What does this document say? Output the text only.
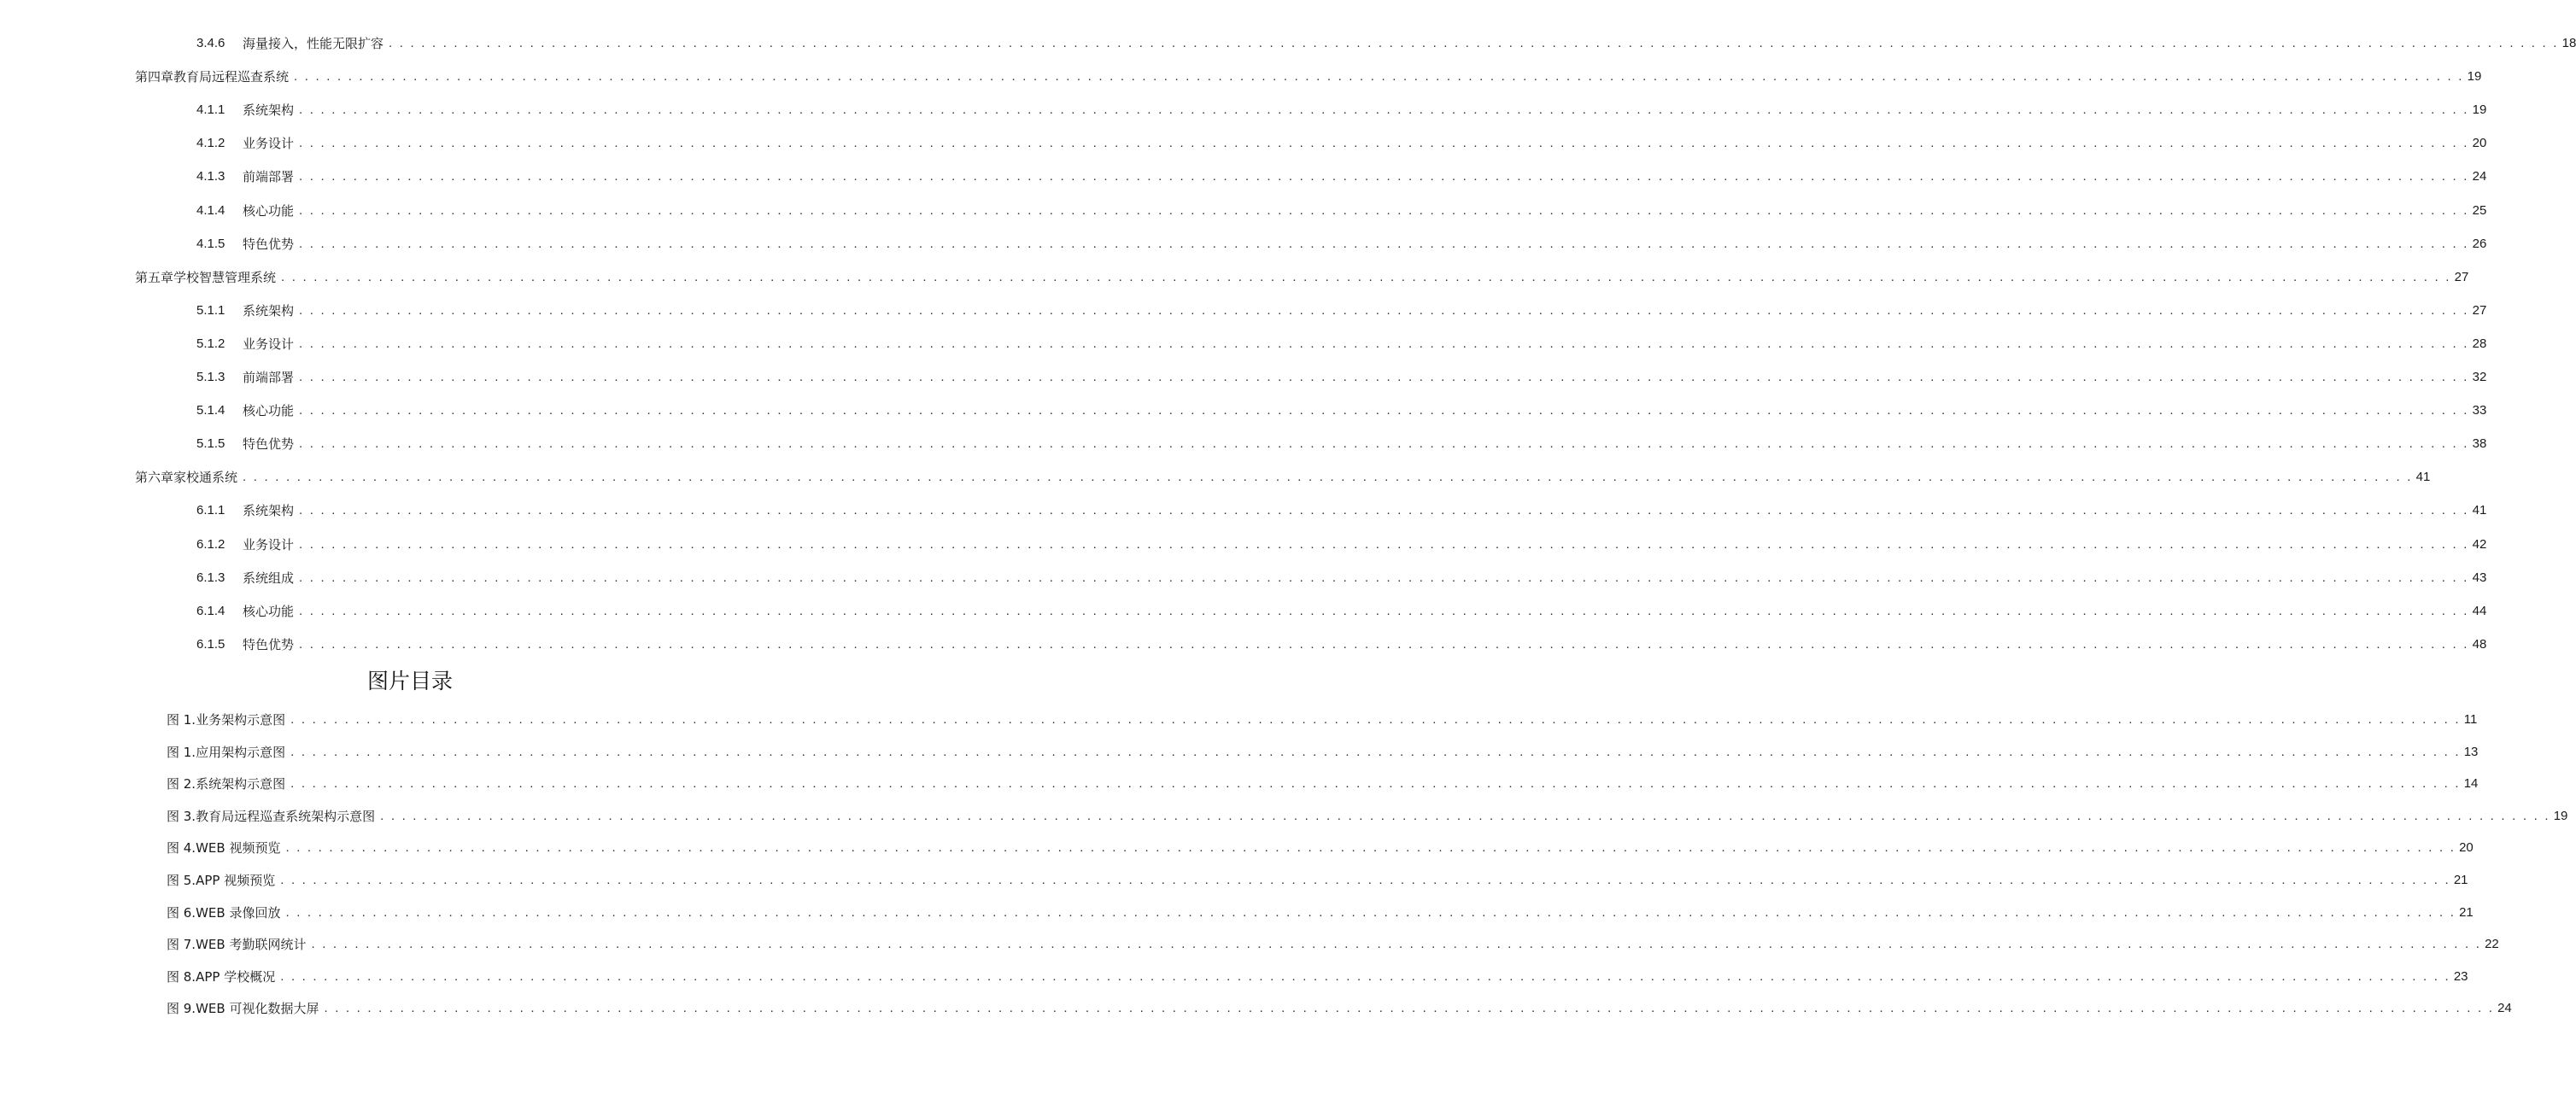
3.4.6	海量接入，性能无限扩容 . . . . . . . . . . . . . . . . . . . . . . . . . . . . . . . . . . . . . . . . . . . . . . . . . . . . . . . . . . . . . . . . . . . . . . . . . . . . . . . . . . . . . . . . . . . . . . . . . . . . . . . . . . . . . . . . . . . . . . . . . . . . . . . . . . . . . . . . . . . . . . . . . . . . . . . . . . . . . . . . . . . . . . . . . . . . . . . . . . . . . . . . . . . . . . . . . . . . . . . . 18
第四章教育局远程巡查系统 . . . . . . . . . . . . . . . . . . . . . . . . . . . . . . . . . . . . . . . . . . . . . . . . . . . . . . . . . . . . . . . . . . . . . . . . . . . . . . . . . . . . . . . . . . . . . . . . . . . . . . . . . . . . . . . . . . . . . . . . . . . . . . . . . . . . . . . . . . . . . . . . . . . . . . . . . . . . . . . . . . . . . . . . . . . . . . . . . . . . . . . . . . . . . . . . . . . . . . . . 19
4.1.1	系统架构 . . . . . . . . . . . . . . . . . . . . . . . . . . . . . . . . . . . . . . . . . . . . . . . . . . . . . . . . . . . . . . . . . . . . . . . . . . . . . . . . . . . . . . . . . . . . . . . . . . . . . . . . . . . . . . . . . . . . . . . . . . . . . . . . . . . . . . . . . . . . . . . . . . . . . . . . . . . . . . . . . . . . . . . . . . . . . . . . . . . . . . . . . . . . . . . . . . . . . . . . 19
4.1.2	业务设计 . . . . . . . . . . . . . . . . . . . . . . . . . . . . . . . . . . . . . . . . . . . . . . . . . . . . . . . . . . . . . . . . . . . . . . . . . . . . . . . . . . . . . . . . . . . . . . . . . . . . . . . . . . . . . . . . . . . . . . . . . . . . . . . . . . . . . . . . . . . . . . . . . . . . . . . . . . . . . . . . . . . . . . . . . . . . . . . . . . . . . . . . . . . . . . . . . . . . . . . . 20
4.1.3	前端部署 . . . . . . . . . . . . . . . . . . . . . . . . . . . . . . . . . . . . . . . . . . . . . . . . . . . . . . . . . . . . . . . . . . . . . . . . . . . . . . . . . . . . . . . . . . . . . . . . . . . . . . . . . . . . . . . . . . . . . . . . . . . . . . . . . . . . . . . . . . . . . . . . . . . . . . . . . . . . . . . . . . . . . . . . . . . . . . . . . . . . . . . . . . . . . . . . . . . . . . . . 24
4.1.4	核心功能 . . . . . . . . . . . . . . . . . . . . . . . . . . . . . . . . . . . . . . . . . . . . . . . . . . . . . . . . . . . . . . . . . . . . . . . . . . . . . . . . . . . . . . . . . . . . . . . . . . . . . . . . . . . . . . . . . . . . . . . . . . . . . . . . . . . . . . . . . . . . . . . . . . . . . . . . . . . . . . . . . . . . . . . . . . . . . . . . . . . . . . . . . . . . . . . . . . . . . . . . 25
4.1.5	特色优势 . . . . . . . . . . . . . . . . . . . . . . . . . . . . . . . . . . . . . . . . . . . . . . . . . . . . . . . . . . . . . . . . . . . . . . . . . . . . . . . . . . . . . . . . . . . . . . . . . . . . . . . . . . . . . . . . . . . . . . . . . . . . . . . . . . . . . . . . . . . . . . . . . . . . . . . . . . . . . . . . . . . . . . . . . . . . . . . . . . . . . . . . . . . . . . . . . . . . . . . . 26
第五章学校智慧管理系统 . . . . . . . . . . . . . . . . . . . . . . . . . . . . . . . . . . . . . . . . . . . . . . . . . . . . . . . . . . . . . . . . . . . . . . . . . . . . . . . . . . . . . . . . . . . . . . . . . . . . . . . . . . . . . . . . . . . . . . . . . . . . . . . . . . . . . . . . . . . . . . . . . . . . . . . . . . . . . . . . . . . . . . . . . . . . . . . . . . . . . . . . . . . . . . . . . . . . . . . . 27
5.1.1	系统架构 . . . . . . . . . . . . . . . . . . . . . . . . . . . . . . . . . . . . . . . . . . . . . . . . . . . . . . . . . . . . . . . . . . . . . . . . . . . . . . . . . . . . . . . . . . . . . . . . . . . . . . . . . . . . . . . . . . . . . . . . . . . . . . . . . . . . . . . . . . . . . . . . . . . . . . . . . . . . . . . . . . . . . . . . . . . . . . . . . . . . . . . . . . . . . . . . . . . . . . . . 27
5.1.2	业务设计 . . . . . . . . . . . . . . . . . . . . . . . . . . . . . . . . . . . . . . . . . . . . . . . . . . . . . . . . . . . . . . . . . . . . . . . . . . . . . . . . . . . . . . . . . . . . . . . . . . . . . . . . . . . . . . . . . . . . . . . . . . . . . . . . . . . . . . . . . . . . . . . . . . . . . . . . . . . . . . . . . . . . . . . . . . . . . . . . . . . . . . . . . . . . . . . . . . . . . . . . 28
5.1.3	前端部署 . . . . . . . . . . . . . . . . . . . . . . . . . . . . . . . . . . . . . . . . . . . . . . . . . . . . . . . . . . . . . . . . . . . . . . . . . . . . . . . . . . . . . . . . . . . . . . . . . . . . . . . . . . . . . . . . . . . . . . . . . . . . . . . . . . . . . . . . . . . . . . . . . . . . . . . . . . . . . . . . . . . . . . . . . . . . . . . . . . . . . . . . . . . . . . . . . . . . . . . . 32
5.1.4	核心功能 . . . . . . . . . . . . . . . . . . . . . . . . . . . . . . . . . . . . . . . . . . . . . . . . . . . . . . . . . . . . . . . . . . . . . . . . . . . . . . . . . . . . . . . . . . . . . . . . . . . . . . . . . . . . . . . . . . . . . . . . . . . . . . . . . . . . . . . . . . . . . . . . . . . . . . . . . . . . . . . . . . . . . . . . . . . . . . . . . . . . . . . . . . . . . . . . . . . . . . . . 33
5.1.5	特色优势 . . . . . . . . . . . . . . . . . . . . . . . . . . . . . . . . . . . . . . . . . . . . . . . . . . . . . . . . . . . . . . . . . . . . . . . . . . . . . . . . . . . . . . . . . . . . . . . . . . . . . . . . . . . . . . . . . . . . . . . . . . . . . . . . . . . . . . . . . . . . . . . . . . . . . . . . . . . . . . . . . . . . . . . . . . . . . . . . . . . . . . . . . . . . . . . . . . . . . . . . 38
第六章家校通系统 . . . . . . . . . . . . . . . . . . . . . . . . . . . . . . . . . . . . . . . . . . . . . . . . . . . . . . . . . . . . . . . . . . . . . . . . . . . . . . . . . . . . . . . . . . . . . . . . . . . . . . . . . . . . . . . . . . . . . . . . . . . . . . . . . . . . . . . . . . . . . . . . . . . . . . . . . . . . . . . . . . . . . . . . . . . . . . . . . . . . . . . . . . . . . . . . . . . . . . . . 41
6.1.1	系统架构 . . . . . . . . . . . . . . . . . . . . . . . . . . . . . . . . . . . . . . . . . . . . . . . . . . . . . . . . . . . . . . . . . . . . . . . . . . . . . . . . . . . . . . . . . . . . . . . . . . . . . . . . . . . . . . . . . . . . . . . . . . . . . . . . . . . . . . . . . . . . . . . . . . . . . . . . . . . . . . . . . . . . . . . . . . . . . . . . . . . . . . . . . . . . . . . . . . . . . . . . 41
6.1.2	业务设计 . . . . . . . . . . . . . . . . . . . . . . . . . . . . . . . . . . . . . . . . . . . . . . . . . . . . . . . . . . . . . . . . . . . . . . . . . . . . . . . . . . . . . . . . . . . . . . . . . . . . . . . . . . . . . . . . . . . . . . . . . . . . . . . . . . . . . . . . . . . . . . . . . . . . . . . . . . . . . . . . . . . . . . . . . . . . . . . . . . . . . . . . . . . . . . . . . . . . . . . . 42
6.1.3	系统组成 . . . . . . . . . . . . . . . . . . . . . . . . . . . . . . . . . . . . . . . . . . . . . . . . . . . . . . . . . . . . . . . . . . . . . . . . . . . . . . . . . . . . . . . . . . . . . . . . . . . . . . . . . . . . . . . . . . . . . . . . . . . . . . . . . . . . . . . . . . . . . . . . . . . . . . . . . . . . . . . . . . . . . . . . . . . . . . . . . . . . . . . . . . . . . . . . . . . . . . . . 43
6.1.4	核心功能 . . . . . . . . . . . . . . . . . . . . . . . . . . . . . . . . . . . . . . . . . . . . . . . . . . . . . . . . . . . . . . . . . . . . . . . . . . . . . . . . . . . . . . . . . . . . . . . . . . . . . . . . . . . . . . . . . . . . . . . . . . . . . . . . . . . . . . . . . . . . . . . . . . . . . . . . . . . . . . . . . . . . . . . . . . . . . . . . . . . . . . . . . . . . . . . . . . . . . . . . 44
6.1.5	特色优势 . . . . . . . . . . . . . . . . . . . . . . . . . . . . . . . . . . . . . . . . . . . . . . . . . . . . . . . . . . . . . . . . . . . . . . . . . . . . . . . . . . . . . . . . . . . . . . . . . . . . . . . . . . . . . . . . . . . . . . . . . . . . . . . . . . . . . . . . . . . . . . . . . . . . . . . . . . . . . . . . . . . . . . . . . . . . . . . . . . . . . . . . . . . . . . . . . . . . . . . . 48
图片目录
图 1.业务架构示意图 . . . . . . . . . . . . . . . . . . . . . . . . . . . . . . . . . . . . . . . . . . . . . . . . . . . . . . . . . . . . . . . . . . . . . . . . . . . . . . . . . . . . . . . . . . . . . . . . . . . . . . . . . . . . . . . . . . . . . . . . . . . . . . . . . . . . . . . . . . . . . . . . . . . . . . . . . . . . . . . . . . . . . . . . . . . . . . . . . . . . . . . . . . . . . . . . . . . . . . . . 11
图 1.应用架构示意图 . . . . . . . . . . . . . . . . . . . . . . . . . . . . . . . . . . . . . . . . . . . . . . . . . . . . . . . . . . . . . . . . . . . . . . . . . . . . . . . . . . . . . . . . . . . . . . . . . . . . . . . . . . . . . . . . . . . . . . . . . . . . . . . . . . . . . . . . . . . . . . . . . . . . . . . . . . . . . . . . . . . . . . . . . . . . . . . . . . . . . . . . . . . . . . . . . . . . . . . . 13
图 2.系统架构示意图 . . . . . . . . . . . . . . . . . . . . . . . . . . . . . . . . . . . . . . . . . . . . . . . . . . . . . . . . . . . . . . . . . . . . . . . . . . . . . . . . . . . . . . . . . . . . . . . . . . . . . . . . . . . . . . . . . . . . . . . . . . . . . . . . . . . . . . . . . . . . . . . . . . . . . . . . . . . . . . . . . . . . . . . . . . . . . . . . . . . . . . . . . . . . . . . . . . . . . . . . 14
图 3.教育局远程巡查系统架构示意图 . . . . . . . . . . . . . . . . . . . . . . . . . . . . . . . . . . . . . . . . . . . . . . . . . . . . . . . . . . . . . . . . . . . . . . . . . . . . . . . . . . . . . . . . . . . . . . . . . . . . . . . . . . . . . . . . . . . . . . . . . . . . . . . . . . . . . . . . . . . . . . . . . . . . . . . . . . . . . . . . . . . . . . . . . . . . . . . . . . . . . . . . . . . . . . . . . . . . . . . . 19
图 4.WEB 视频预览 . . . . . . . . . . . . . . . . . . . . . . . . . . . . . . . . . . . . . . . . . . . . . . . . . . . . . . . . . . . . . . . . . . . . . . . . . . . . . . . . . . . . . . . . . . . . . . . . . . . . . . . . . . . . . . . . . . . . . . . . . . . . . . . . . . . . . . . . . . . . . . . . . . . . . . . . . . . . . . . . . . . . . . . . . . . . . . . . . . . . . . . . . . . . . . . . . . . . . . . . 20
图 5.APP 视频预览 . . . . . . . . . . . . . . . . . . . . . . . . . . . . . . . . . . . . . . . . . . . . . . . . . . . . . . . . . . . . . . . . . . . . . . . . . . . . . . . . . . . . . . . . . . . . . . . . . . . . . . . . . . . . . . . . . . . . . . . . . . . . . . . . . . . . . . . . . . . . . . . . . . . . . . . . . . . . . . . . . . . . . . . . . . . . . . . . . . . . . . . . . . . . . . . . . . . . . . . . 21
图 6.WEB 录像回放 . . . . . . . . . . . . . . . . . . . . . . . . . . . . . . . . . . . . . . . . . . . . . . . . . . . . . . . . . . . . . . . . . . . . . . . . . . . . . . . . . . . . . . . . . . . . . . . . . . . . . . . . . . . . . . . . . . . . . . . . . . . . . . . . . . . . . . . . . . . . . . . . . . . . . . . . . . . . . . . . . . . . . . . . . . . . . . . . . . . . . . . . . . . . . . . . . . . . . . . . 21
图 7.WEB 考勤联网统计 . . . . . . . . . . . . . . . . . . . . . . . . . . . . . . . . . . . . . . . . . . . . . . . . . . . . . . . . . . . . . . . . . . . . . . . . . . . . . . . . . . . . . . . . . . . . . . . . . . . . . . . . . . . . . . . . . . . . . . . . . . . . . . . . . . . . . . . . . . . . . . . . . . . . . . . . . . . . . . . . . . . . . . . . . . . . . . . . . . . . . . . . . . . . . . . . . . . . . . . . 22
图 8.APP 学校概况 . . . . . . . . . . . . . . . . . . . . . . . . . . . . . . . . . . . . . . . . . . . . . . . . . . . . . . . . . . . . . . . . . . . . . . . . . . . . . . . . . . . . . . . . . . . . . . . . . . . . . . . . . . . . . . . . . . . . . . . . . . . . . . . . . . . . . . . . . . . . . . . . . . . . . . . . . . . . . . . . . . . . . . . . . . . . . . . . . . . . . . . . . . . . . . . . . . . . . . . . 23
图 9.WEB 可视化数据大屏 . . . . . . . . . . . . . . . . . . . . . . . . . . . . . . . . . . . . . . . . . . . . . . . . . . . . . . . . . . . . . . . . . . . . . . . . . . . . . . . . . . . . . . . . . . . . . . . . . . . . . . . . . . . . . . . . . . . . . . . . . . . . . . . . . . . . . . . . . . . . . . . . . . . . . . . . . . . . . . . . . . . . . . . . . . . . . . . . . . . . . . . . . . . . . . . . . . . . . . . . 24
